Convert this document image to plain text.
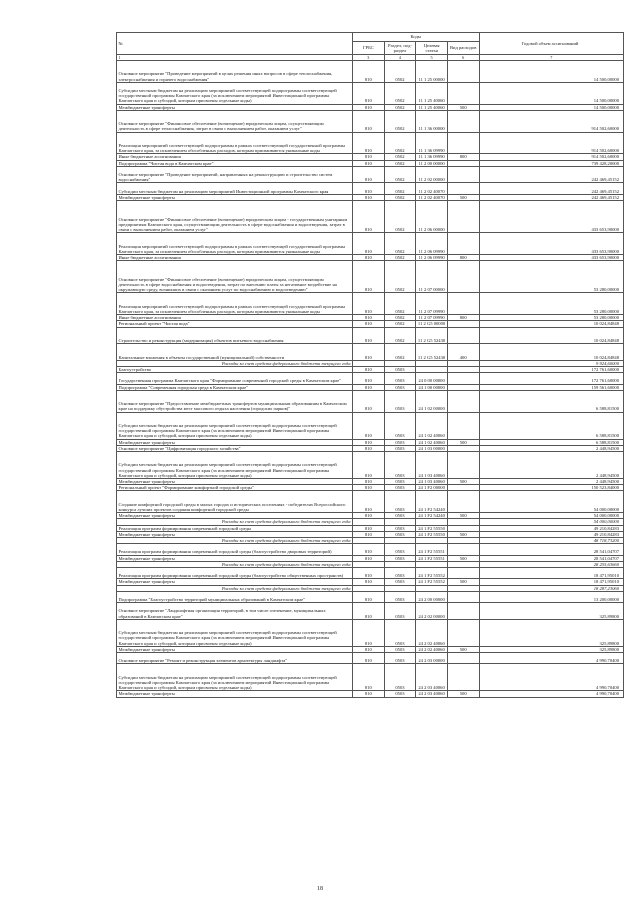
№	Коды				Годовой объем ассигнований
	ГРБС	Раздел, под-раздел	Целевая статья	Вид расходов	
1	3	4	5	6	7
Основное мероприятие "Проведение мероприятий в целях решения иных вопросов в сфере теплоснабжения, электроснабжения и горячего водоснабжения"	810	0502	11 1 25 00000		14 500,00000
Субсидии местным бюджетам на реализацию мероприятий соответствующей подпрограммы соответствующей государственной программы Камчатского края (за исключением мероприятий Инвестиционной программы Камчатского края и субсидий, которым присвоены отдельные коды)	810	0502	11 1 25 40060		14 500,00000
Межбюджетные трансферты	810	0502	11 1 25 40060	500	14 500,00000
Основное мероприятие "Финансовое обеспечение (возмещение) юридическим лицам, осуществляющим деятельность в сфере теплоснабжения, затрат в связи с выполнением работ, оказанием услуг"	810	0502	11 1 36 00000		914 502,60000
Реализация мероприятий соответствующей подпрограммы в рамках соответствующей государственной программы Камчатского края, за исключением обособленных расходов, которым присваиваются уникальные коды	810	0502	11 1 36 09990		914 502,60000
Иные бюджетные ассигнования	810	0502	11 1 36 09990	800	914 502,60000
Подпрограмма "Чистая вода в Камчатском крае"	810	0502	11 2 00 00000		739 428,20000
Основное мероприятие "Проведение мероприятий, направленных на реконструкцию и строительство систем водоснабжения"	810	0502	11 2 02 00000		242 469,45152
Субсидии местным бюджетам на реализацию мероприятий Инвестиционной программы Камчатского края	810	0502	11 2 02 40070		242 469,45152
Межбюджетные трансферты	810	0502	11 2 02 40070	500	242 469,45152
Основное мероприятие "Финансовое обеспечение (возмещение) юридическим лицам - государственным унитарным предприятиям Камчатского края, осуществляющим деятельность в сфере водоснабжения и водоотведения, затрат в связи с выполнением работ, оказанием услуг"	810	0502	11 2 06 00000		433 653,90000
Реализация мероприятий соответствующей подпрограммы в рамках соответствующей государственной программы Камчатского края, за исключением обособленных расходов, которым присваиваются уникальные коды	810	0502	11 2 06 09990		433 653,90000
Иные бюджетные ассигнования	810	0502	11 2 06 09990	800	433 653,90000
Основное мероприятие "Финансовое обеспечение (возмещение) юридическим лицам, осуществляющим деятельность в сфере водоснабжения и водоотведения, затрат по внесению платы за негативное воздействие на окружающую среду, возникших в связи с оказанием услуг по водоснабжению и водоотведению"	810	0502	11 2 07 00000		53 280,00000
Реализация мероприятий соответствующей подпрограммы в рамках соответствующей государственной программы Камчатского края, за исключением обособленных расходов, которым присваиваются уникальные коды	810	0502	11 2 07 09990		53 280,00000
Иные бюджетные ассигнования	810	0502	11 2 07 09990	800	53 280,00000
Региональный проект "Чистая вода"	810	0502	11 2 G5 00000		10 024,84848
Строительство и реконструкция (модернизация) объектов питьевого водоснабжения	810	0502	11 2 G5 52430		10 024,84848
Капитальные вложения в объекты государственной (муниципальной) собственности	810	0502	11 2 G5 52430	400	10 024,84848
Расходы за счет средств федерального бюджета текущего года					9 924,60000
Благоустройство	810	0503			172 761,60000
Государственная программа Камчатского края "Формирование современной городской среды в Камчатском крае"	810	0503	24 0 00 00000		172 761,60000
Подпрограмма "Современная городская среда в Камчатском крае"	810	0503	24 1 00 00000		159 561,60000
Основное мероприятие "Предоставление межбюджетных трансфертов муниципальным образованиям в Камчатском крае на поддержку обустройства мест массового отдыха населения (городских парков)"	810	0503	24 1 02 00000		6 588,81500
Субсидии местным бюджетам на реализацию мероприятий соответствующей подпрограммы соответствующей государственной программы Камчатского края (за исключением мероприятий Инвестиционной программы Камчатского края и субсидий, которым присвоены отдельные коды)	810	0503	24 1 02 40060		6 588,81500
Межбюджетные трансферты	810	0503	24 1 02 40060	500	6 588,81500
Основное мероприятие "Цифровизация городского хозяйства"	810	0503	24 1 03 00000		2 448,94500
Субсидии местным бюджетам на реализацию мероприятий соответствующей подпрограммы соответствующей государственной программы Камчатского края (за исключением мероприятий Инвестиционной программы Камчатского края и субсидий, которым присвоены отдельные коды)	810	0503	24 1 03 40060		2 448,94500
Межбюджетные трансферты	810	0503	24 1 03 40060	500	2 448,94500
Региональный проект "Формирование комфортной городской среды"	810	0503	24 1 F2 00000		150 523,84000
Создание комфортной городской среды в малых городах и исторических поселениях - победителях Всероссийского конкурса лучших проектов создания комфортной городской среды	810	0503	24 1 F2 54240		54 000,00000
Межбюджетные трансферты	810	0503	24 1 F2 54240	500	54 000,00000
Расходы за счет средств федерального бюджета текущего года					54 000,00000
Реализация программ формирования современной городской среды	810	0503	24 1 F2 55550		49 210,84283
Межбюджетные трансферты	810	0503	24 1 F2 55550	500	49 210,84283
Расходы за счет средств федерального бюджета текущего года					48 718,73200
Реализация программ формирования современной городской среды (благоустройство дворовых территорий)	810	0503	24 1 F2 55551		28 541,04707
Межбюджетные трансферты	810	0503	24 1 F2 55551	500	28 541,04707
Расходы за счет средств федерального бюджета текущего года					28 255,63660
Реализация программ формирования современной городской среды (благоустройство общественных пространств)	810	0503	24 1 F2 55552		18 471,95010
Межбюджетные трансферты	810	0503	24 1 F2 55552	500	18 471,95010
Расходы за счет средств федерального бюджета текущего года					18 287,23060
Подпрограмма "Благоустройство территорий муниципальных образований в Камчатском крае"	810	0503	24 2 00 00000		13 200,00000
Основное мероприятие "Ландшафтная организация территорий, в том числе озеленение, муниципальных образований в Камчатском крае"	810	0503	24 2 02 00000		325,89800
Субсидии местным бюджетам на реализацию мероприятий соответствующей подпрограммы соответствующей государственной программы Камчатского края (за исключением мероприятий Инвестиционной программы Камчатского края и субсидий, которым присвоены отдельные коды)	810	0503	24 2 02 40060		325,89800
Межбюджетные трансферты	810	0503	24 2 02 40060	500	325,89800
Основное мероприятие "Ремонт и реконструкция элементов архитектуры ландшафта"	810	0503	24 2 03 00000		4 990,70400
Субсидии местным бюджетам на реализацию мероприятий соответствующей подпрограммы соответствующей государственной программы Камчатского края (за исключением мероприятий Инвестиционной программы Камчатского края и субсидий, которым присвоены отдельные коды)	810	0503	24 2 03 40060		4 990,70400
Межбюджетные трансферты	810	0503	24 2 03 40060	500	4 990,70400
18
